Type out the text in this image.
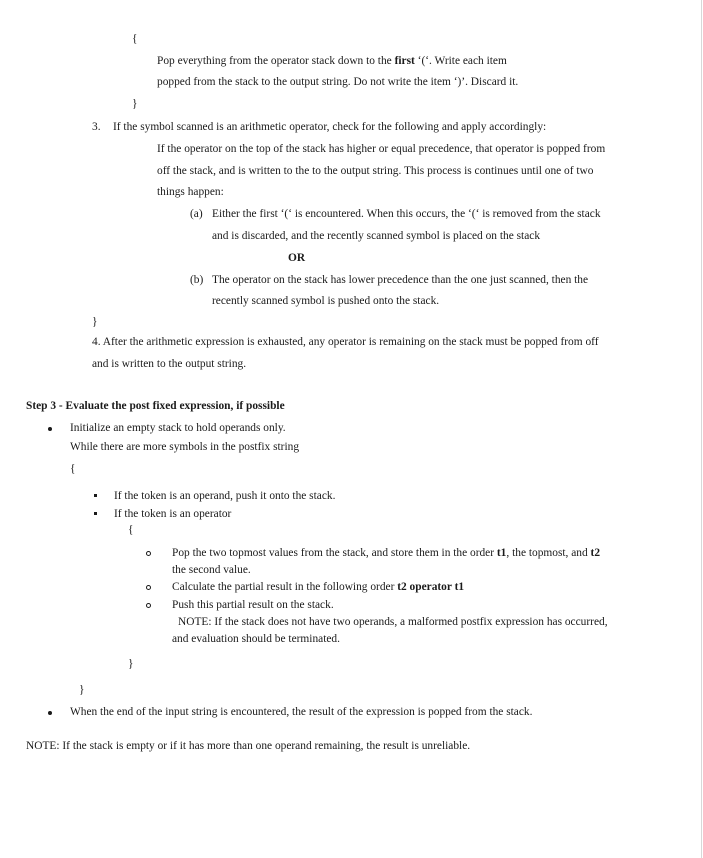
{
Pop everything from the operator stack down to the first ‘(‘. Write each item
popped from the stack to the output string. Do not write the item ‘)’. Discard it.
}
3. If the symbol scanned is an arithmetic operator, check for the following and apply accordingly:
If the operator on the top of the stack has higher or equal precedence, that operator is popped from
off the stack, and is written to the to the output string. This process is continues until one of two
things happen:
(a) Either the first ‘(‘ is encountered. When this occurs, the ‘(‘ is removed from the stack
and is discarded, and the recently scanned symbol is placed on the stack
OR
(b) The operator on the stack has lower precedence than the one just scanned, then the
recently scanned symbol is pushed onto the stack.
}
4. After the arithmetic expression is exhausted, any operator is remaining on the stack must be popped from off
and is written to the output string.
Step 3 - Evaluate the post fixed expression, if possible
Initialize an empty stack to hold operands only.
While there are more symbols in the postfix string
{
If the token is an operand, push it onto the stack.
If the token is an operator
{
Pop the two topmost values from the stack, and store them in the order t1, the topmost, and t2
the second value.
Calculate the partial result in the following order t2 operator t1
Push this partial result on the stack.
NOTE: If the stack does not have two operands, a malformed postfix expression has occurred,
and evaluation should be terminated.
}
}
When the end of the input string is encountered, the result of the expression is popped from the stack.
NOTE: If the stack is empty or if it has more than one operand remaining, the result is unreliable.
